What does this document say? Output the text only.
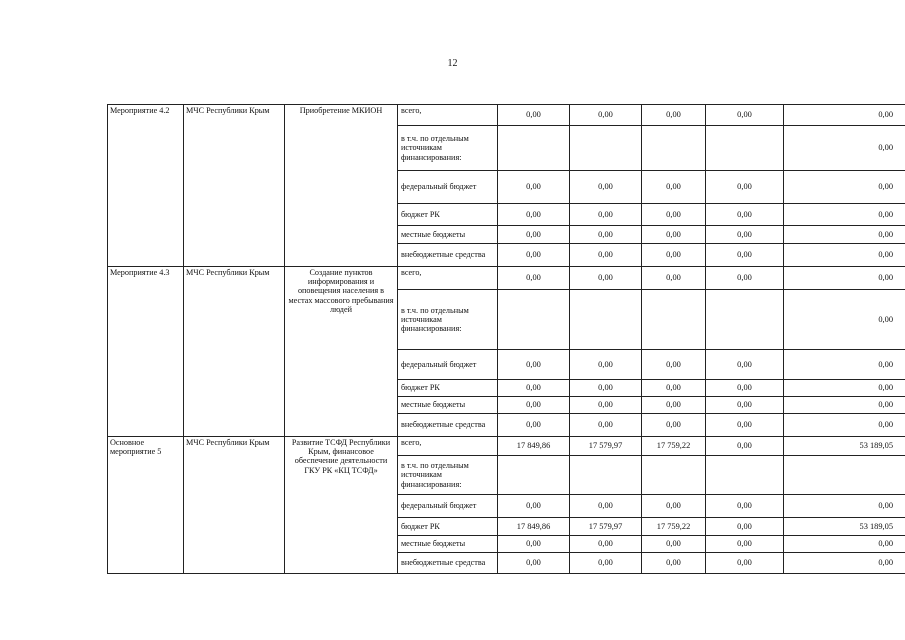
12
Мероприятие 4.2	МЧС Республики Крым	Приобретение МКИОН	всего,	0,00	0,00	0,00	0,00	0,00
			в т.ч. по отдельным источникам финансирования:					0,00
			федеральный бюджет	0,00	0,00	0,00	0,00	0,00
			бюджет РК	0,00	0,00	0,00	0,00	0,00
			местные бюджеты	0,00	0,00	0,00	0,00	0,00
			внебюджетные средства	0,00	0,00	0,00	0,00	0,00
Мероприятие 4.3	МЧС Республики Крым	Создание пунктов информирования и оповещения населения в местах массового пребывания людей	всего,	0,00	0,00	0,00	0,00	0,00
			в т.ч. по отдельным источникам финансирования:					0,00
			федеральный бюджет	0,00	0,00	0,00	0,00	0,00
			бюджет РК	0,00	0,00	0,00	0,00	0,00
			местные бюджеты	0,00	0,00	0,00	0,00	0,00
			внебюджетные средства	0,00	0,00	0,00	0,00	0,00
Основное мероприятие 5	МЧС Республики Крым	Развитие ТСФД Республики Крым, финансовое обеспечение деятельности ГКУ РК «КЦ ТСФД»	всего,	17 849,86	17 579,97	17 759,22	0,00	53 189,05
			в т.ч. по отдельным источникам финансирования:					
			федеральный бюджет	0,00	0,00	0,00	0,00	0,00
			бюджет РК	17 849,86	17 579,97	17 759,22	0,00	53 189,05
			местные бюджеты	0,00	0,00	0,00	0,00	0,00
			внебюджетные средства	0,00	0,00	0,00	0,00	0,00
